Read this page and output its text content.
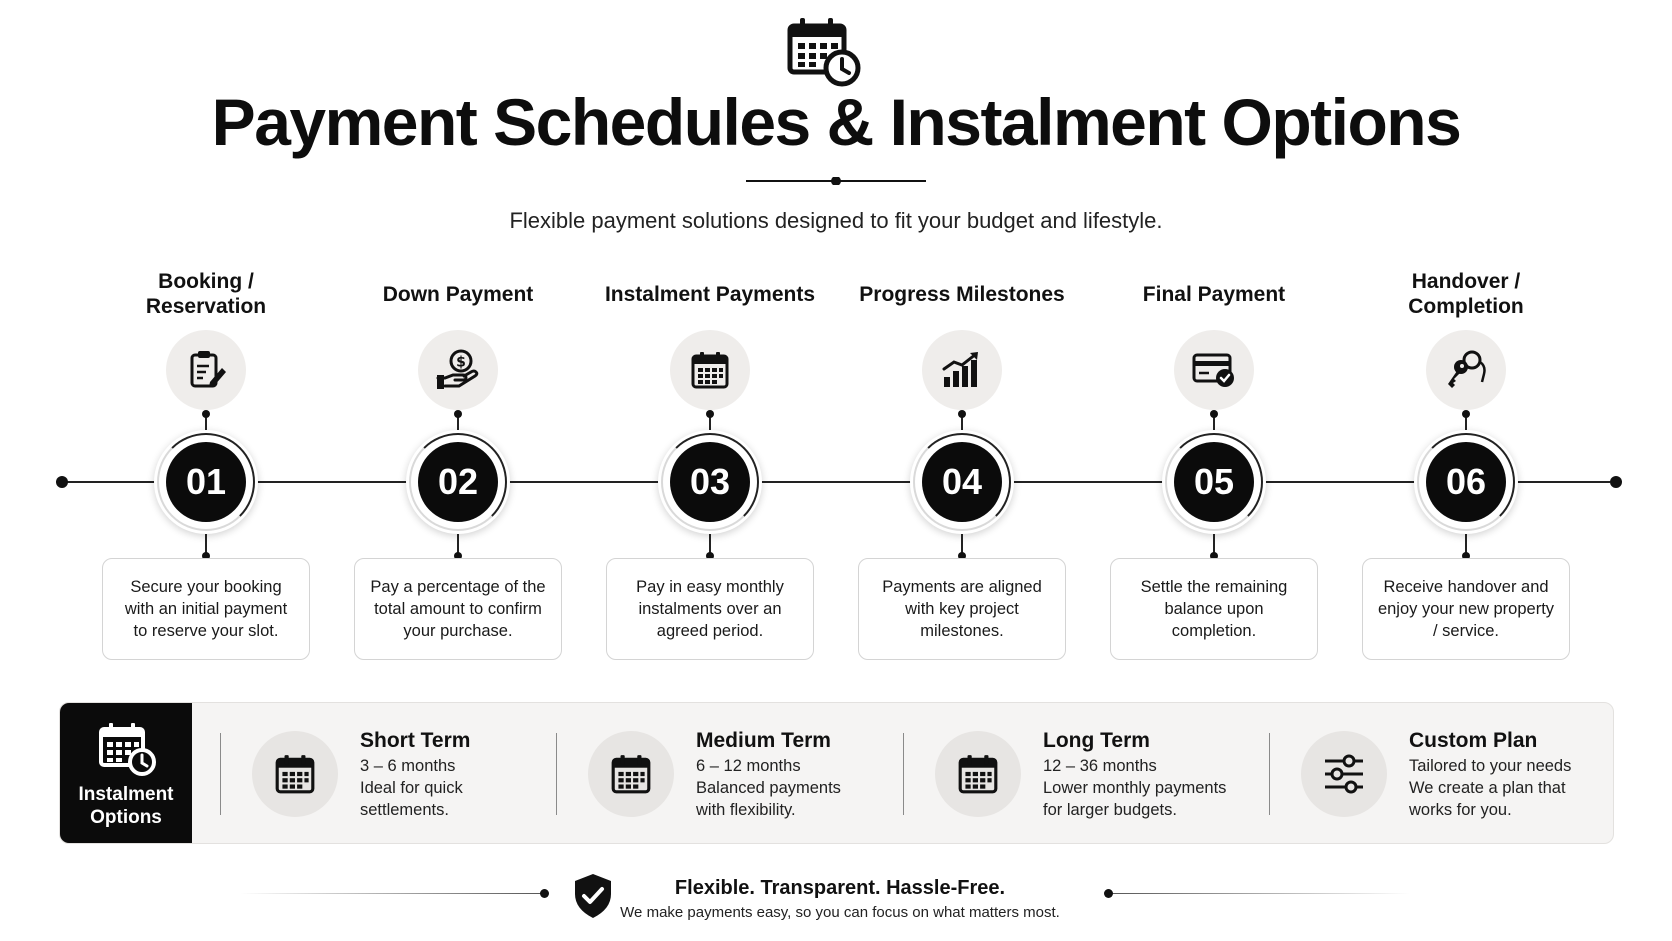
Payment Schedules & Instalment Options
Flexible payment solutions designed to fit your budget and lifestyle.
Booking / Reservation
01
Secure your booking with an initial payment to reserve your slot.
Down Payment
$
02
Pay a percentage of the total amount to confirm your purchase.
Instalment Payments
03
Pay in easy monthly instalments over an agreed period.
Progress Milestones
04
Payments are aligned with key project milestones.
Final Payment
05
Settle the remaining balance upon completion.
Handover / Completion
06
Receive handover and enjoy your new property / service.
Instalment
Options
Short Term
3 – 6 months
Ideal for quick
settlements.
Medium Term
6 – 12 months
Balanced payments
with flexibility.
Long Term
12 – 36 months
Lower monthly payments
for larger budgets.
Custom Plan
Tailored to your needs
We create a plan that
works for you.
Flexible. Transparent. Hassle-Free.
We make payments easy, so you can focus on what matters most.
